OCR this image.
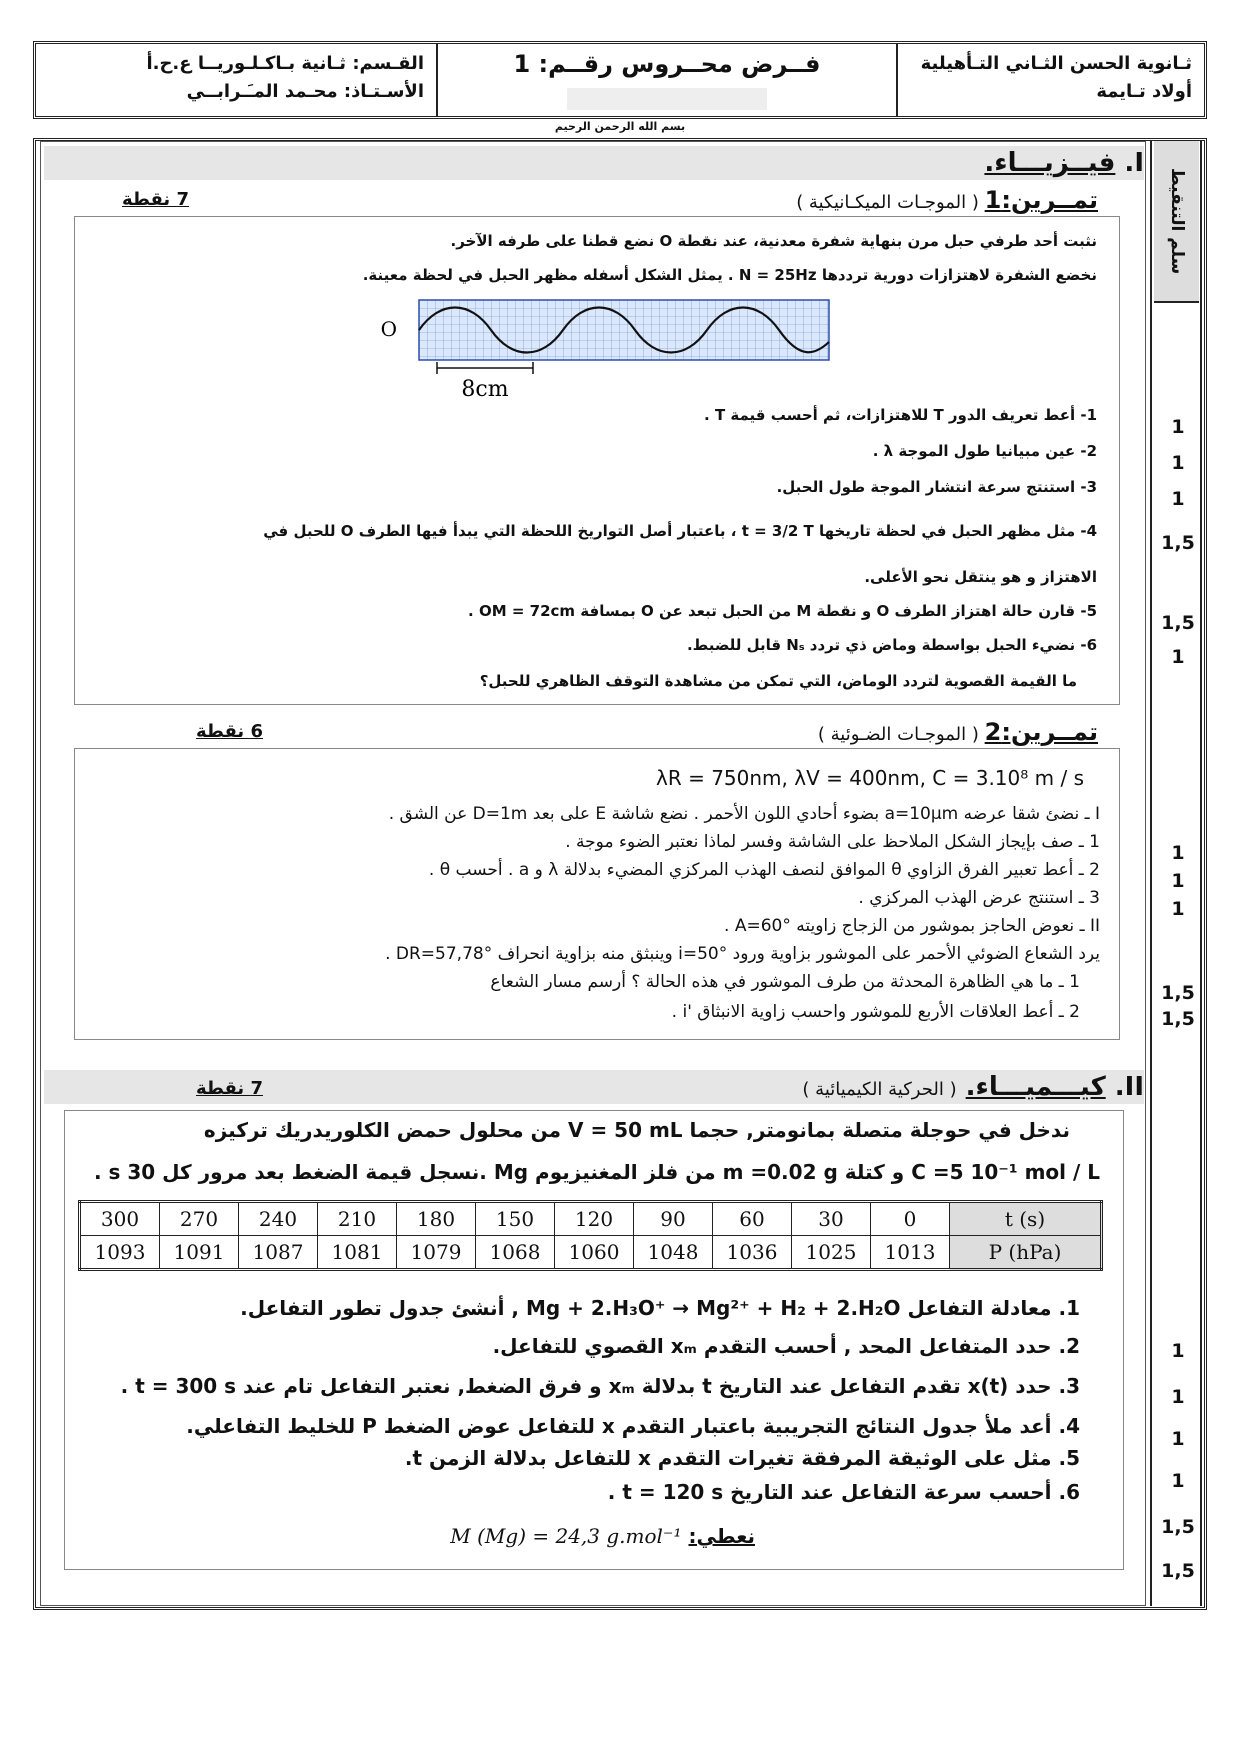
ثـانوية الحسن الثـاني التـأهيلية
أولاد تـايمة
فــرض محــروس رقــم: 1
القـسم: ثـانية بـاكـلـوريــا ع.ح.أ
الأسـتـاذ: محـمد المـَـرابــي
بسم الله الرحمن الرحيم
سلم التنقيط
I. فيــزيـــاء.
تمــرين:1 ( الموجـات الميكـانيكية )
7 نقطة
نثبت أحد طرفي حبل مرن بنهاية شفرة معدنية، عند نقطة O نضع قطنا على طرفه الآخر.
نخضع الشفرة لاهتزازات دورية ترددها N = 25Hz . يمثل الشكل أسفله مظهر الحبل في لحظة معينة.
O
8cm
1- أعط تعريف الدور T للاهتزازات، ثم أحسب قيمة T .
2- عين مبيانيا طول الموجة λ .
3- استنتج سرعة انتشار الموجة طول الحبل.
4- مثل مظهر الحبل في لحظة تاريخها t = 3/2 T ، باعتبار أصل التواريخ اللحظة التي يبدأ فيها الطرف O للحبل في
الاهتزاز و هو ينتقل نحو الأعلى.
5- قارن حالة اهتزاز الطرف O و نقطة M من الحبل تبعد عن O بمسافة OM = 72cm .
6- نضيء الحبل بواسطة وماض ذي تردد Nₛ قابل للضبط.
ما القيمة القصوية لتردد الوماض، التي تمكن من مشاهدة التوقف الظاهري للحبل؟
تمــرين:2 ( الموجـات الضـوئية )
6 نقطة
λR = 750nm, λV = 400nm, C = 3.10⁸ m / s
I ـ نضئ شقا عرضه a=10μm بضوء أحادي اللون الأحمر . نضع شاشة E على بعد D=1m عن الشق .
1 ـ صف بإيجاز الشكل الملاحظ على الشاشة وفسر لماذا نعتبر الضوء موجة .
2 ـ أعط تعبير الفرق الزاوي θ الموافق لنصف الهذب المركزي المضيء بدلالة λ و a . أحسب θ .
3 ـ استنتج عرض الهذب المركزي .
II ـ نعوض الحاجز بموشور من الزجاج زاويته A=60° .
يرد الشعاع الضوئي الأحمر على الموشور بزاوية ورود i=50° وينبثق منه بزاوية انحراف DR=57,78° .
1 ـ ما هي الظاهرة المحدثة من طرف الموشور في هذه الحالة ؟ أرسم مسار الشعاع
2 ـ أعط العلاقات الأربع للموشور واحسب زاوية الانبثاق 'i .
II. كيـــميـــاء. ( الحركية الكيميائية )
7 نقطة
ندخل في حوجلة متصلة بمانومتر, حجما V = 50 mL من محلول حمض الكلوريدريك تركيزه
C =5 10⁻¹ mol / L و كتلة m =0.02 g من فلز المغنيزيوم Mg .نسجل قيمة الضغط بعد مرور كل 30 s .
300	270	240	210	180	150	120	90	60	30	0	t (s)
1093	1091	1087	1081	1079	1068	1060	1048	1036	1025	1013	P (hPa)
1. معادلة التفاعل Mg + 2.H₃O⁺ → Mg²⁺ + H₂ + 2.H₂O , أنشئ جدول تطور التفاعل.
2. حدد المتفاعل المحد , أحسب التقدم xₘ القصوي للتفاعل.
3. حدد x(t) تقدم التفاعل عند التاريخ t بدلالة xₘ و فرق الضغط, نعتبر التفاعل تام عند t = 300 s .
4. أعد ملأ جدول النتائج التجريبية باعتبار التقدم x للتفاعل عوض الضغط P للخليط التفاعلي.
5. مثل على الوثيقة المرفقة تغيرات التقدم x للتفاعل بدلالة الزمن t.
6. أحسب سرعة التفاعل عند التاريخ t = 120 s .
نعطي: M (Mg) = 24,3 g.mol⁻¹
1
1
1
1,5
1,5
1
1
1
1
1,5
1,5
1
1
1
1
1,5
1,5
